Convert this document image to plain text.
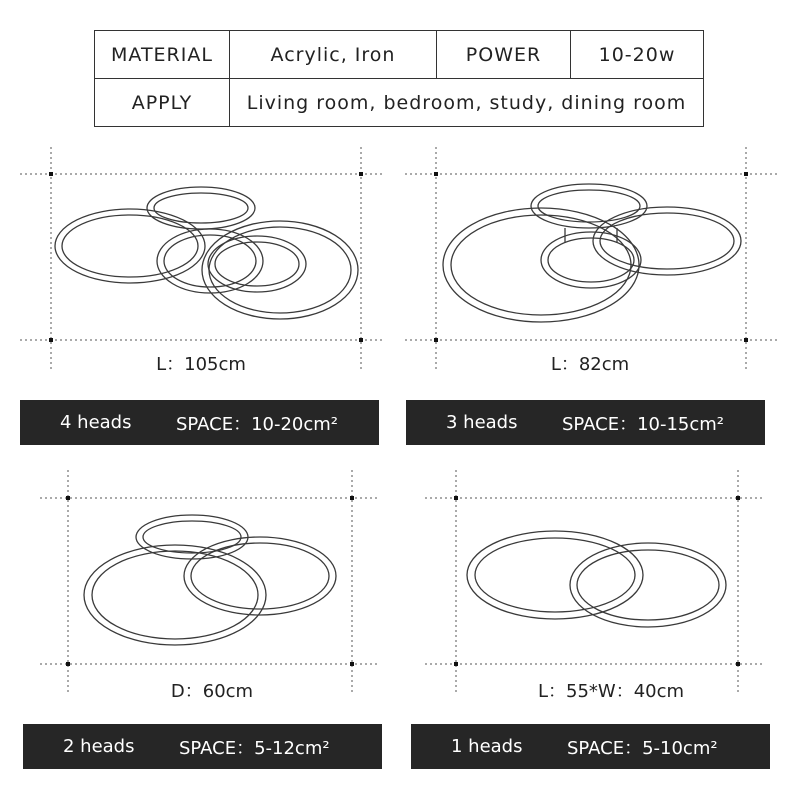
MATERIAL	Acrylic, Iron	POWER	10-20w
APPLY	Living room, bedroom, study, dining room		
L：105cm
4 heads SPACE：10-20cm²
L：82cm
3 heads SPACE：10-15cm²
D：60cm
2 heads SPACE：5-12cm²
L：55*W：40cm
1 heads SPACE：5-10cm²
